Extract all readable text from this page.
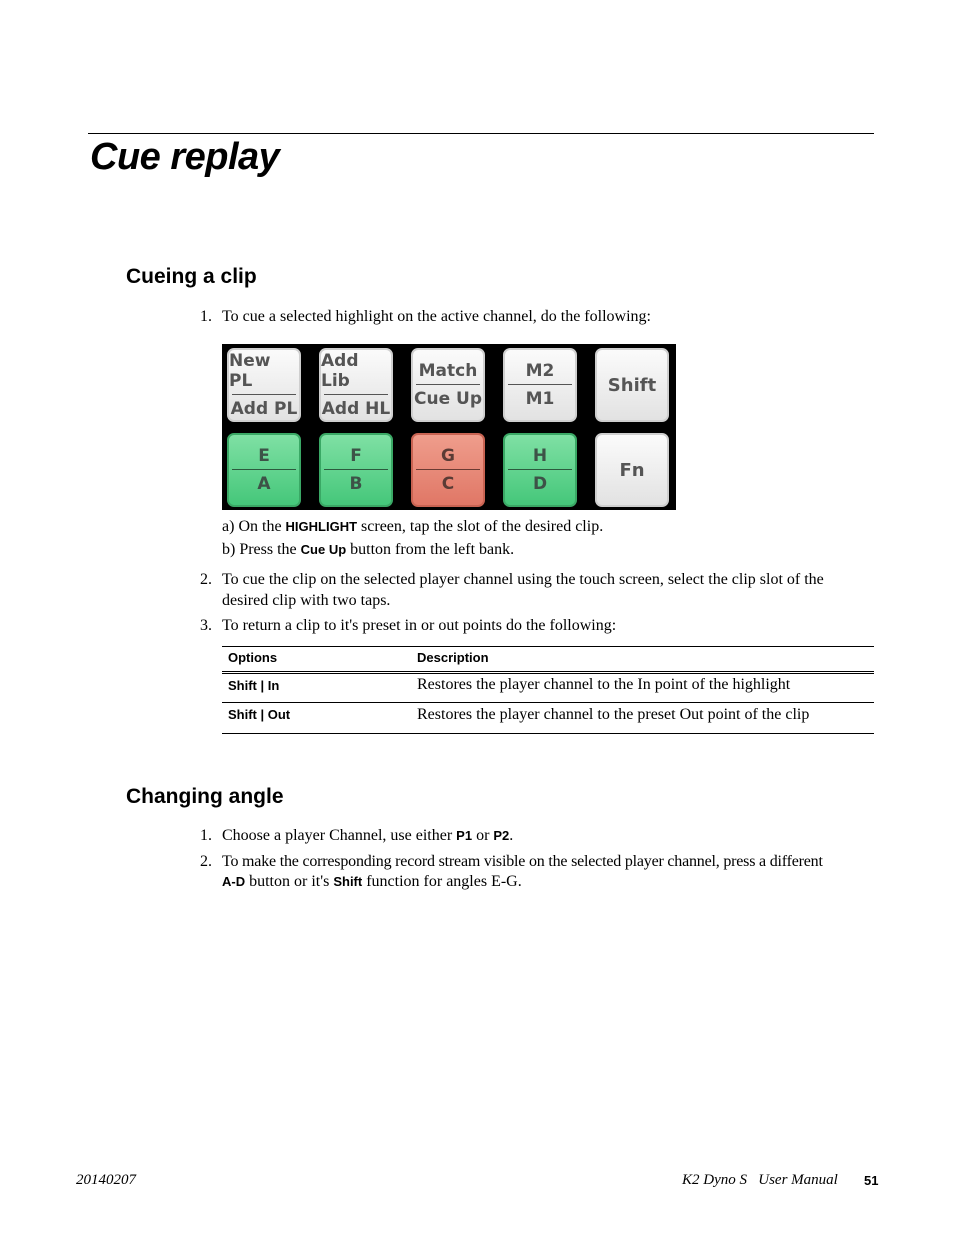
Cue replay
Cueing a clip
1. To cue a selected highlight on the active channel, do the following:
New PL
Add PL
Add Lib
Add HL
Match
Cue Up
M2
M1
Shift
E
A
F
B
G
C
H
D
Fn
a) On the HIGHLIGHT screen, tap the slot of the desired clip.
b) Press the Cue Up button from the left bank.
2. To cue the clip on the selected player channel using the touch screen, select the clip slot of the
desired clip with two taps.
3. To return a clip to it's preset in or out points do the following:
Options	Description
Shift | In	Restores the player channel to the In point of the highlight
Shift | Out	Restores the player channel to the preset Out point of the clip
Changing angle
1. Choose a player Channel, use either P1 or P2.
2. To make the corresponding record stream visible on the selected player channel, press a different
A-D button or it's Shift function for angles E-G.
20140207	K2 Dyno S   User Manual 51
